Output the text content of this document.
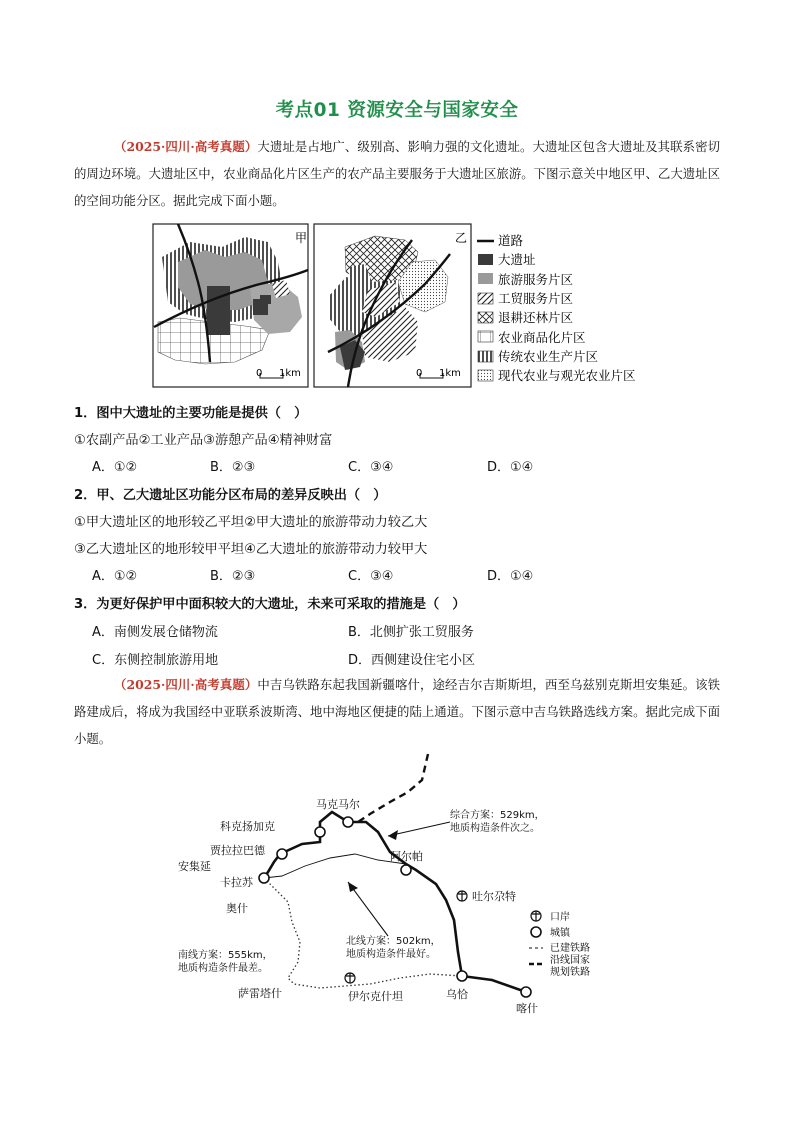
考点01 资源安全与国家安全
（2025·四川·高考真题）大遗址是占地广、级别高、影响力强的文化遗址。大遗址区包含大遗址及其联系密切的周边环境。大遗址区中，农业商品化片区生产的农产品主要服务于大遗址区旅游。下图示意关中地区甲、乙大遗址区的空间功能分区。据此完成下面小题。
甲
0 1km
乙
0 1km
道路
大遗址
旅游服务片区
工贸服务片区
退耕还林片区
农业商品化片区
传统农业生产片区
现代农业与观光农业片区
1．图中大遗址的主要功能是提供（　）
①农副产品②工业产品③游憩产品④精神财富
A．①②	B．②③	C．③④	D．①④
2．甲、乙大遗址区功能分区布局的差异反映出（　）
①甲大遗址区的地形较乙平坦②甲大遗址的旅游带动力较乙大
③乙大遗址区的地形较甲平坦④乙大遗址的旅游带动力较甲大
A．①②	B．②③	C．③④	D．①④
3．为更好保护甲中面积较大的大遗址，未来可采取的措施是（　）
A．南侧发展仓储物流	B．北侧扩张工贸服务
C．东侧控制旅游用地	D．西侧建设住宅小区
（2025·四川·高考真题）中吉乌铁路东起我国新疆喀什，途经吉尔吉斯斯坦，西至乌兹别克斯坦安集延。该铁路建成后，将成为我国经中亚联系波斯湾、地中海地区便捷的陆上通道。下图示意中吉乌铁路选线方案。据此完成下面小题。
马克马尔
科克扬加克
贾拉拉巴德
安集延
卡拉苏
奥什
阿尔帕
吐尔尕特
萨雷塔什	伊尔克什坦	乌恰
喀什
综合方案：529km，
地质构造条件次之。
北线方案：502km，
地质构造条件最好。
南线方案：555km，
地质构造条件最差。
口岸
城镇
已建铁路
沿线国家
规划铁路
